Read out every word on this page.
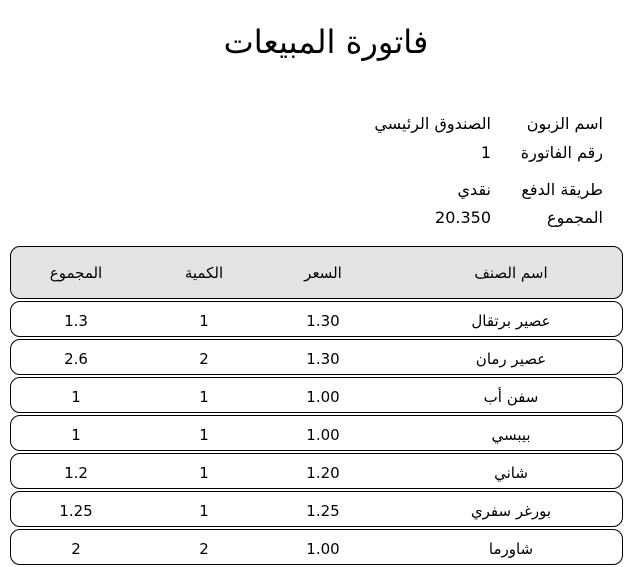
فاتورة المبيعات
اسم الزبون
الصندوق الرئيسي
رقم الفاتورة
1
طريقة الدفع
نقدي
المجموع
20.350
اسم الصنف
السعر
الكمية
المجموع
عصير برتقال
1.30
1
1.3
عصير رمان
1.30
2
2.6
سفن أب
1.00
1
1
بيبسي
1.00
1
1
شاني
1.20
1
1.2
بورغر سفري
1.25
1
1.25
شاورما
1.00
2
2
